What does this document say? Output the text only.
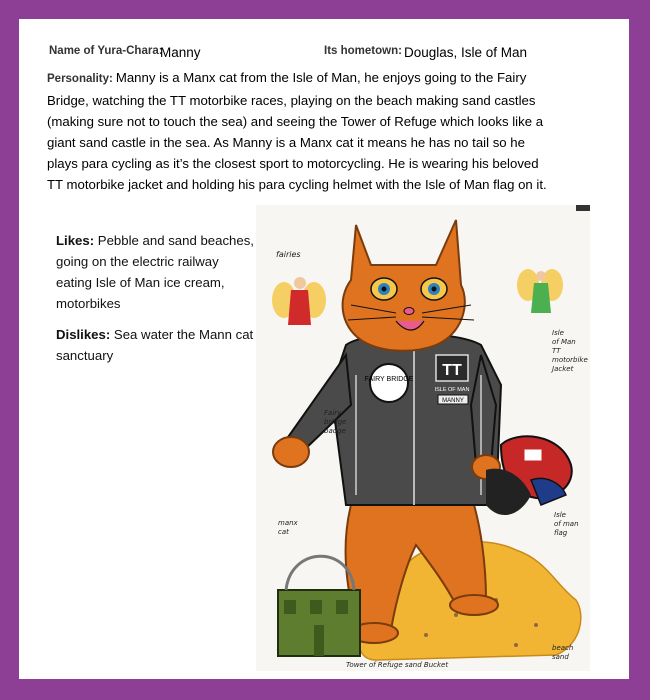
Name of Yura-Chara:
Manny	Its hometown: Douglas, Isle of Man
Personality: Manny is a Manx cat from the Isle of Man, he enjoys going to the Fairy Bridge, watching the TT motorbike races, playing on the beach making sand castles (making sure not to touch the sea) and seeing the Tower of Refuge which looks like a giant sand castle in the sea. As Manny is a Manx cat it means he has no tail so he plays para cycling as it’s the closest sport to motorcycling. He is wearing his beloved TT motorbike jacket and holding his para cycling helmet with the Isle of Man flag on it.

Likes: Pebble and sand beaches, going on the electric railway eating Isle of Man ice cream, motorbikes

Dislikes: Sea water the Mann cat sanctuary

FAIRY BRIDGE
TT
ISLE OF MAN
MANNY
fairies
Isle of Man TT motorbike Jacket
Fairy bridge badge
Isle of man flag
manx cat
beach sand
Tower of Refuge sand Bucket
